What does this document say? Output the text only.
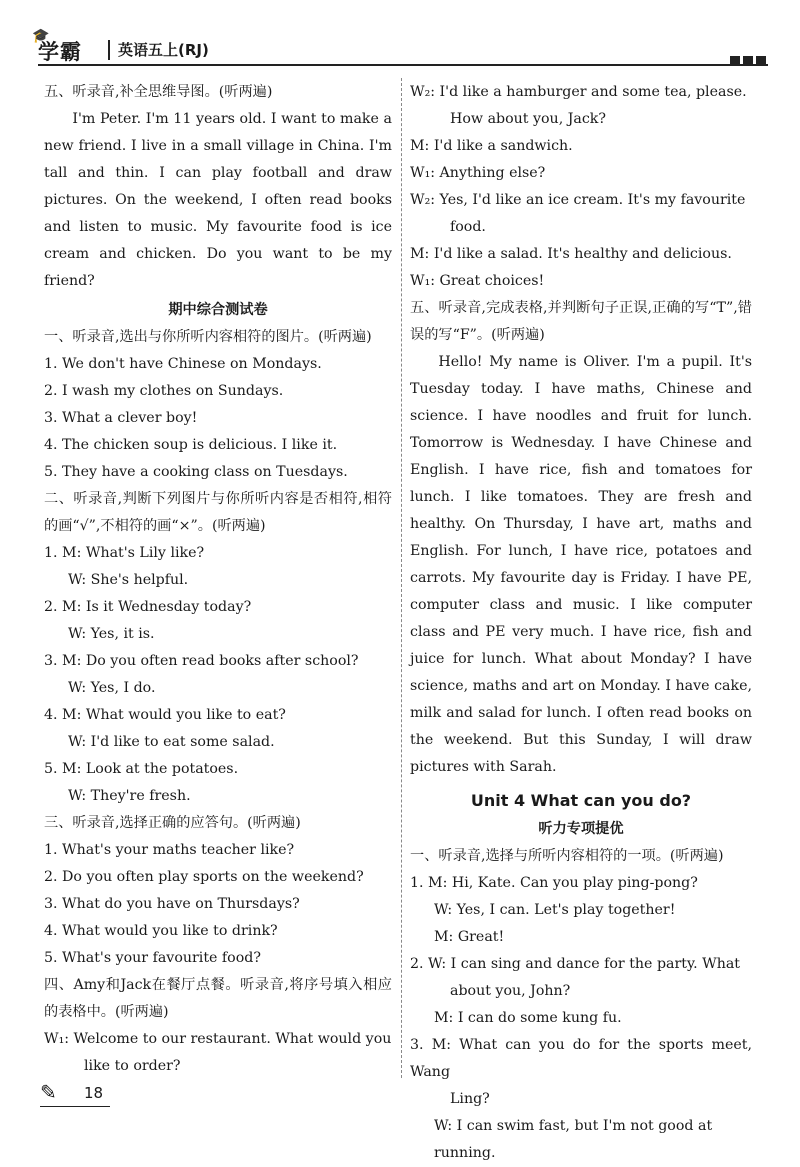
🎓
学霸 英语五上(RJ)

五、听录音,补全思维导图。(听两遍)

I'm Peter. I'm 11 years old. I want to make a new friend. I live in a small village in China. I'm tall and thin. I can play football and draw pictures. On the weekend, I often read books and listen to music. My favourite food is ice cream and chicken. Do you want to be my friend?

期中综合测试卷

一、听录音,选出与你所听内容相符的图片。(听两遍)

1. We don't have Chinese on Mondays.

2. I wash my clothes on Sundays.

3. What a clever boy!

4. The chicken soup is delicious. I like it.

5. They have a cooking class on Tuesdays.

二、听录音,判断下列图片与你所听内容是否相符,相符的画“√”,不相符的画“×”。(听两遍)

1. M: What's Lily like?

W: She's helpful.

2. M: Is it Wednesday today?

W: Yes, it is.

3. M: Do you often read books after school?

W: Yes, I do.

4. M: What would you like to eat?

W: I'd like to eat some salad.

5. M: Look at the potatoes.

W: They're fresh.

三、听录音,选择正确的应答句。(听两遍)

1. What's your maths teacher like?

2. Do you often play sports on the weekend?

3. What do you have on Thursdays?

4. What would you like to drink?

5. What's your favourite food?

四、Amy和Jack在餐厅点餐。听录音,将序号填入相应的表格中。(听两遍)

W₁: Welcome to our restaurant. What would you

like to order?

W₂: I'd like a hamburger and some tea, please.

How about you, Jack?

M: I'd like a sandwich.

W₁: Anything else?

W₂: Yes, I'd like an ice cream. It's my favourite

food.

M: I'd like a salad. It's healthy and delicious.

W₁: Great choices!

五、听录音,完成表格,并判断句子正误,正确的写“T”,错误的写“F”。(听两遍)

Hello! My name is Oliver. I'm a pupil. It's Tuesday today. I have maths, Chinese and science. I have noodles and fruit for lunch. Tomorrow is Wednesday. I have Chinese and English. I have rice, fish and tomatoes for lunch. I like tomatoes. They are fresh and healthy. On Thursday, I have art, maths and English. For lunch, I have rice, potatoes and carrots. My favourite day is Friday. I have PE, computer class and music. I like computer class and PE very much. I have rice, fish and juice for lunch. What about Monday? I have science, maths and art on Monday. I have cake, milk and salad for lunch. I often read books on the weekend. But this Sunday, I will draw pictures with Sarah.

Unit 4 What can you do?

听力专项提优

一、听录音,选择与所听内容相符的一项。(听两遍)

1. M: Hi, Kate. Can you play ping-pong?

W: Yes, I can. Let's play together!

M: Great!

2. W: I can sing and dance for the party. What

about you, John?

M: I can do some kung fu.

3. M: What can you do for the sports meet, Wang

Ling?

W: I can swim fast, but I'm not good at running.

✎ 18
